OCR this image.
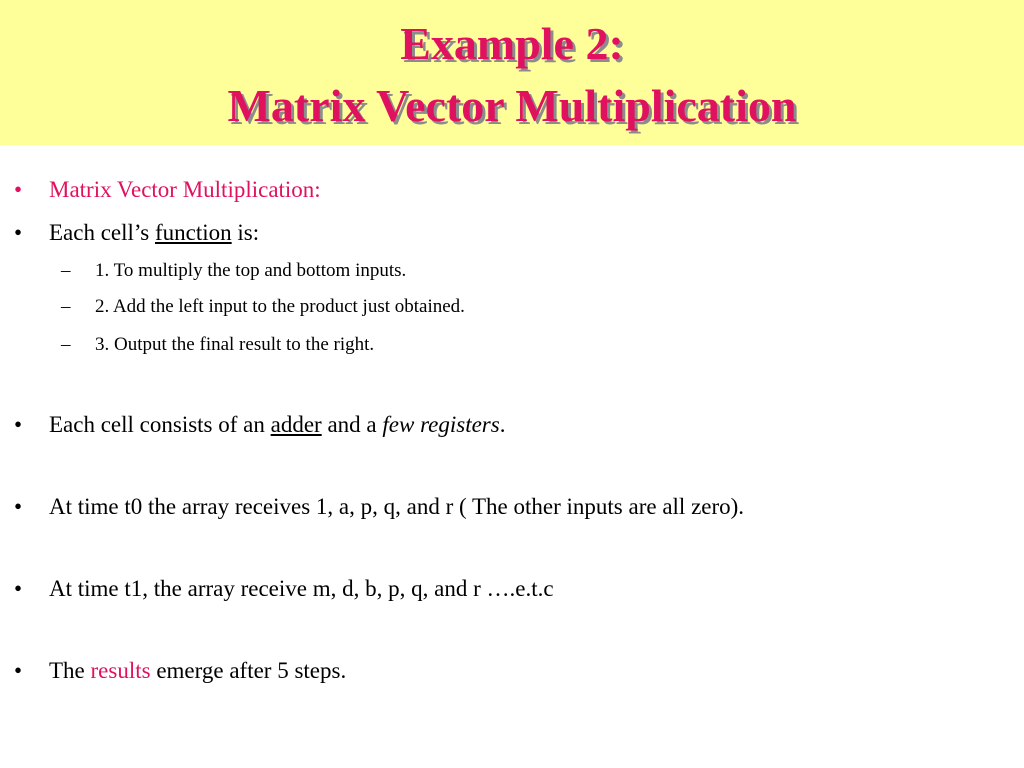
Example 2:
Matrix Vector Multiplication
• Matrix Vector Multiplication:
• Each cell’s function is:
– 1. To multiply the top and bottom inputs.
– 2. Add the left input to the product just obtained.
– 3. Output the final result to the right.
• Each cell consists of an adder and a few registers.
• At time t0 the array receives 1, a, p, q, and r ( The other inputs are all zero).
• At time t1, the array receive m, d, b, p, q, and r ….e.t.c
• The results emerge after 5 steps.
